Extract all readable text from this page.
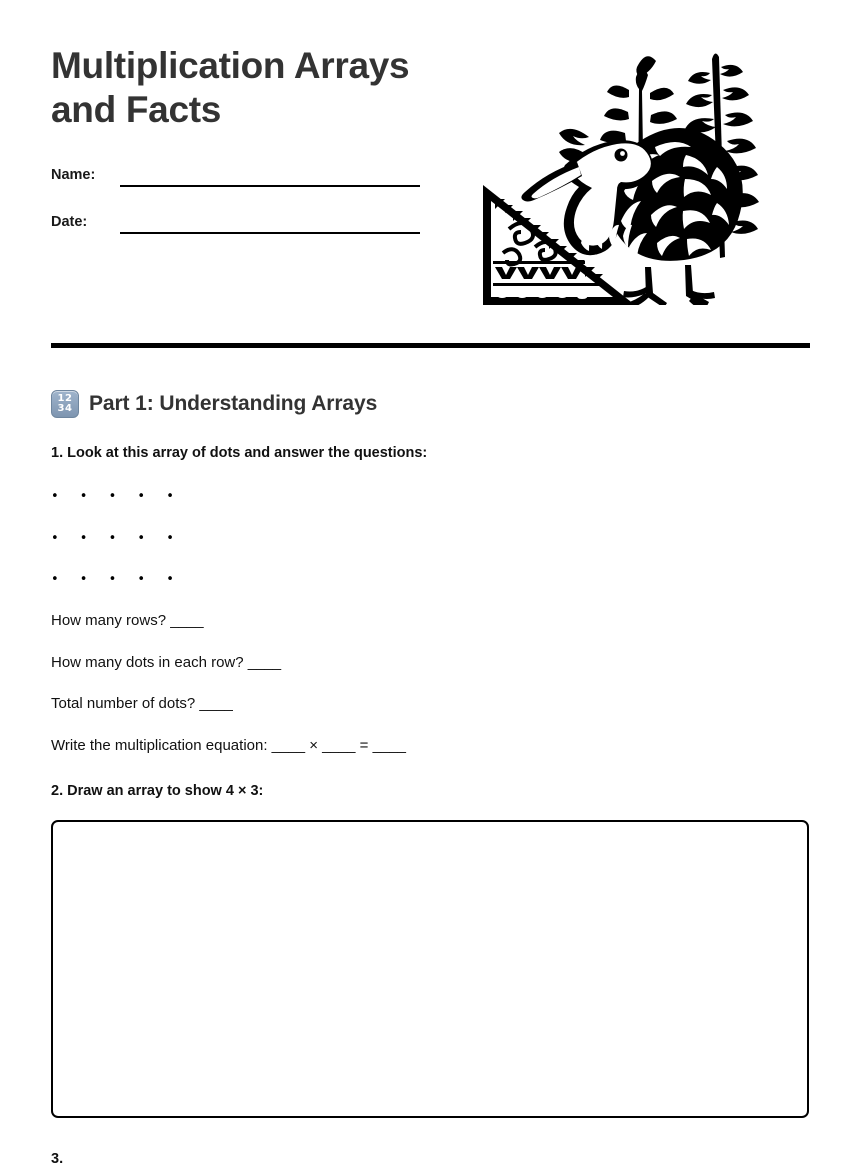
Multiplication Arrays and Facts
Name:
Date:
12
34 Part 1: Understanding Arrays

1. Look at this array of dots and answer the questions:

• • • • •

• • • • •

• • • • •

How many rows? ____

How many dots in each row? ____

Total number of dots? ____

Write the multiplication equation: ____ × ____ = ____

2. Draw an array to show 4 × 3:

3.
